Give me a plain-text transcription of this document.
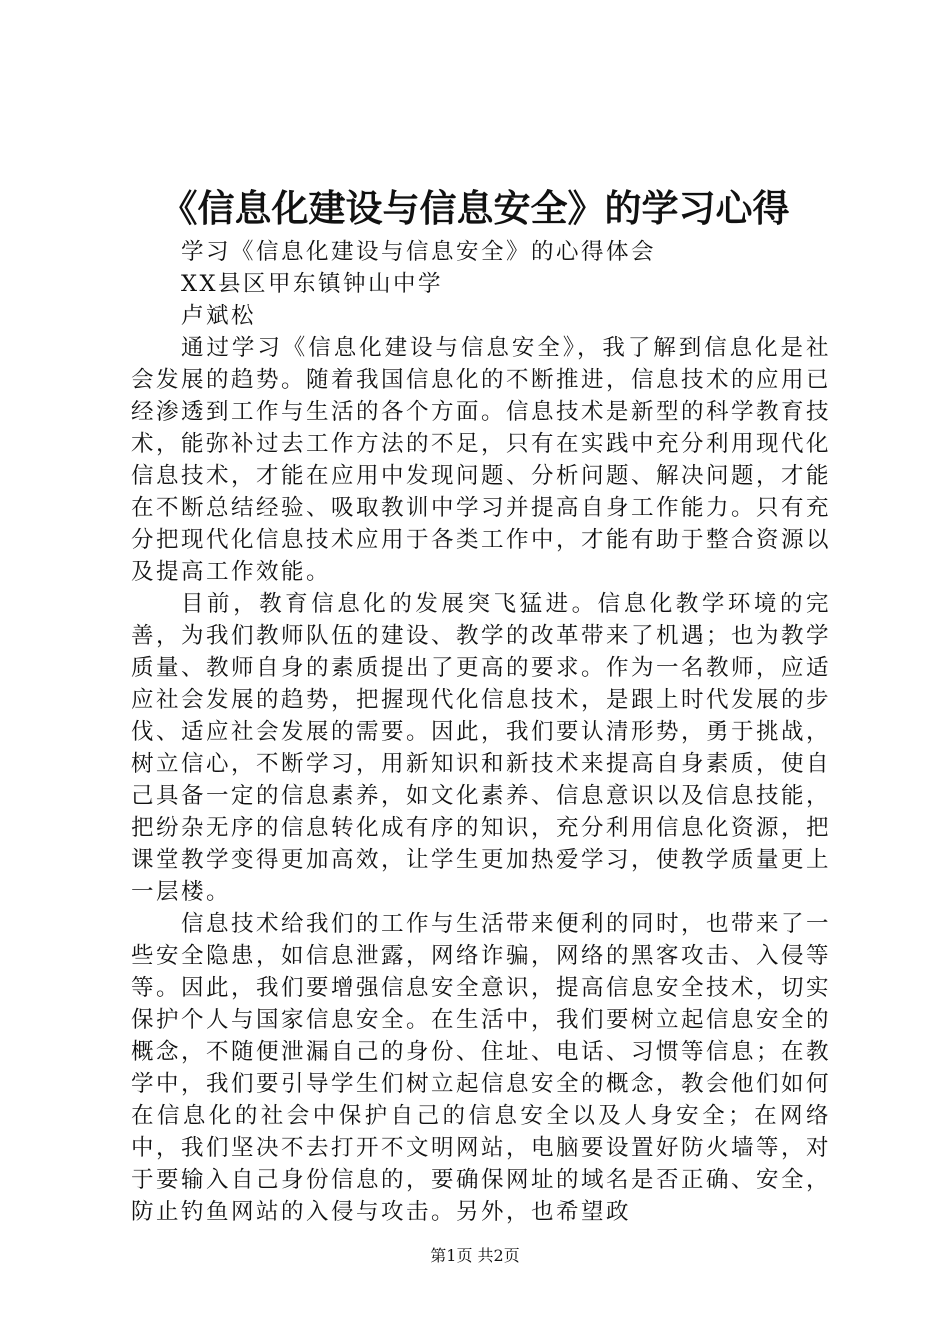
《信息化建设与信息安全》的学习心得

学习《信息化建设与信息安全》的心得体会

XX县区甲东镇钟山中学

卢斌松

通过学习《信息化建设与信息安全》，我了解到信息化是社会发展的趋势。随着我国信息化的不断推进，信息技术的应用已经渗透到工作与生活的各个方面。信息技术是新型的科学教育技术，能弥补过去工作方法的不足，只有在实践中充分利用现代化信息技术，才能在应用中发现问题、分析问题、解决问题，才能在不断总结经验、吸取教训中学习并提高自身工作能力。只有充分把现代化信息技术应用于各类工作中，才能有助于整合资源以及提高工作效能。

目前，教育信息化的发展突飞猛进。信息化教学环境的完善，为我们教师队伍的建设、教学的改革带来了机遇；也为教学质量、教师自身的素质提出了更高的要求。作为一名教师，应适应社会发展的趋势，把握现代化信息技术，是跟上时代发展的步伐、适应社会发展的需要。因此，我们要认清形势，勇于挑战，树立信心，不断学习，用新知识和新技术来提高自身素质，使自己具备一定的信息素养，如文化素养、信息意识以及信息技能，把纷杂无序的信息转化成有序的知识，充分利用信息化资源，把课堂教学变得更加高效，让学生更加热爱学习，使教学质量更上一层楼。

信息技术给我们的工作与生活带来便利的同时，也带来了一些安全隐患，如信息泄露，网络诈骗，网络的黑客攻击、入侵等等。因此，我们要增强信息安全意识，提高信息安全技术，切实保护个人与国家信息安全。在生活中，我们要树立起信息安全的概念，不随便泄漏自己的身份、住址、电话、习惯等信息；在教学中，我们要引导学生们树立起信息安全的概念，教会他们如何在信息化的社会中保护自己的信息安全以及人身安全；在网络中，我们坚决不去打开不文明网站，电脑要设置好防火墙等，对于要输入自己身份信息的，要确保网址的域名是否正确、安全，防止钓鱼网站的入侵与攻击。另外，也希望政

第1页 共2页
